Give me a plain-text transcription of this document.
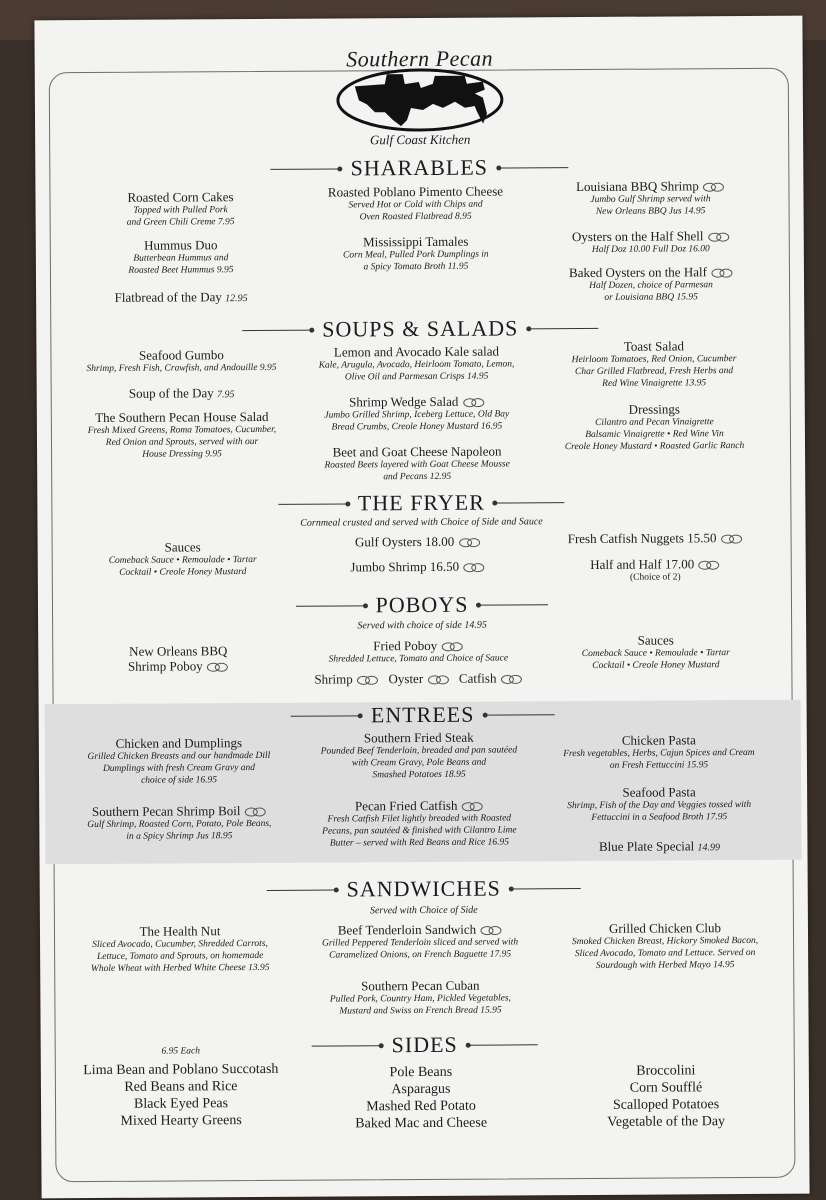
Southern Pecan
Gulf Coast Kitchen
SHARABLES
Roasted Corn Cakes
Topped with Pulled Pork
and Green Chili Creme 7.95
Hummus Duo
Butterbean Hummus and
Roasted Beet Hummus 9.95
Flatbread of the Day 12.95
Roasted Poblano Pimento Cheese
Served Hot or Cold with Chips and
Oven Roasted Flatbread 8.95
Mississippi Tamales
Corn Meal, Pulled Pork Dumplings in
a Spicy Tomato Broth 11.95
Louisiana BBQ Shrimp
Jumbo Gulf Shrimp served with
New Orleans BBQ Jus 14.95
Oysters on the Half Shell
Half Doz 10.00 Full Doz 16.00
Baked Oysters on the Half
Half Dozen, choice of Parmesan
or Louisiana BBQ 15.95
SOUPS & SALADS
Seafood Gumbo
Shrimp, Fresh Fish, Crawfish, and Andouille 9.95
Soup of the Day 7.95
The Southern Pecan House Salad
Fresh Mixed Greens, Roma Tomatoes, Cucumber,
Red Onion and Sprouts, served with our
House Dressing 9.95
Lemon and Avocado Kale salad
Kale, Arugula, Avocado, Heirloom Tomato, Lemon,
Olive Oil and Parmesan Crisps 14.95
Shrimp Wedge Salad
Jumbo Grilled Shrimp, Iceberg Lettuce, Old Bay
Bread Crumbs, Creole Honey Mustard 16.95
Beet and Goat Cheese Napoleon
Roasted Beets layered with Goat Cheese Mousse
and Pecans 12.95
Toast Salad
Heirloom Tomatoes, Red Onion, Cucumber
Char Grilled Flatbread, Fresh Herbs and
Red Wine Vinaigrette 13.95
Dressings
Cilantro and Pecan Vinaigrette
Balsamic Vinaigrette • Red Wine Vin
Creole Honey Mustard • Roasted Garlic Ranch
THE FRYER
Cornmeal crusted and served with Choice of Side and Sauce
Sauces
Comeback Sauce • Remoulade • Tartar
Cocktail • Creole Honey Mustard
Gulf Oysters 18.00
Jumbo Shrimp 16.50
Fresh Catfish Nuggets 15.50
Half and Half 17.00
(Choice of 2)
POBOYS
Served with choice of side 14.95
New Orleans BBQ
Shrimp Poboy
Fried Poboy
Shredded Lettuce, Tomato and Choice of Sauce
Shrimp	Oyster	Catfish
Sauces
Comeback Sauce • Remoulade • Tartar
Cocktail • Creole Honey Mustard
ENTREES
Chicken and Dumplings
Grilled Chicken Breasts and our handmade Dill
Dumplings with fresh Cream Gravy and
choice of side 16.95
Southern Pecan Shrimp Boil
Gulf Shrimp, Roasted Corn, Potato, Pole Beans,
in a Spicy Shrimp Jus 18.95
Southern Fried Steak
Pounded Beef Tenderloin, breaded and pan sautéed
with Cream Gravy, Pole Beans and
Smashed Potatoes 18.95
Pecan Fried Catfish
Fresh Catfish Filet lightly breaded with Roasted
Pecans, pan sautéed & finished with Cilantro Lime
Butter – served with Red Beans and Rice 16.95
Chicken Pasta
Fresh vegetables, Herbs, Cajun Spices and Cream
on Fresh Fettuccini 15.95
Seafood Pasta
Shrimp, Fish of the Day and Veggies tossed with
Fettuccini in a Seafood Broth 17.95
Blue Plate Special 14.99
SANDWICHES
Served with Choice of Side
The Health Nut
Sliced Avocado, Cucumber, Shredded Carrots,
Lettuce, Tomato and Sprouts, on homemade
Whole Wheat with Herbed White Cheese 13.95
Beef Tenderloin Sandwich
Grilled Peppered Tenderloin sliced and served with
Caramelized Onions, on French Baguette 17.95
Southern Pecan Cuban
Pulled Pork, Country Ham, Pickled Vegetables,
Mustard and Swiss on French Bread 15.95
Grilled Chicken Club
Smoked Chicken Breast, Hickory Smoked Bacon,
Sliced Avocado, Tomato and Lettuce. Served on
Sourdough with Herbed Mayo 14.95
SIDES
6.95 Each
Lima Bean and Poblano Succotash
Red Beans and Rice
Black Eyed Peas
Mixed Hearty Greens
Pole Beans
Asparagus
Mashed Red Potato
Baked Mac and Cheese
Broccolini
Corn Soufflé
Scalloped Potatoes
Vegetable of the Day
